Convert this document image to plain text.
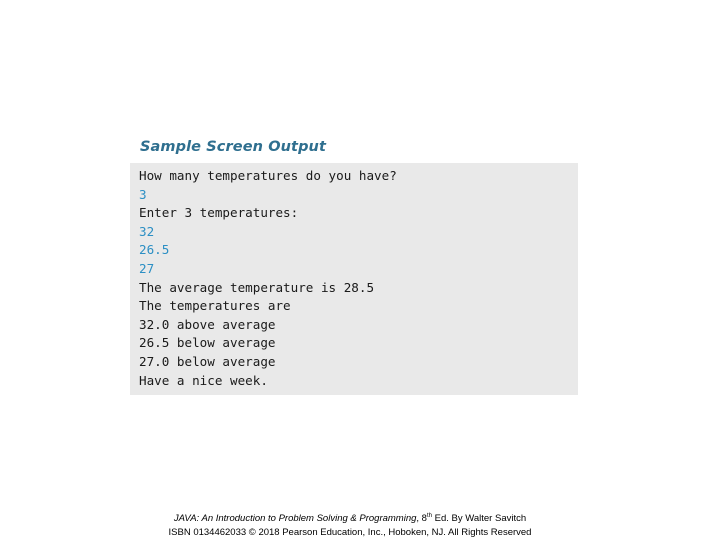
Sample Screen Output
How many temperatures do you have?
3
Enter 3 temperatures:
32
26.5
27
The average temperature is 28.5
The temperatures are
32.0 above average
26.5 below average
27.0 below average
Have a nice week.
JAVA: An Introduction to Problem Solving & Programming, 8th Ed. By Walter Savitch
ISBN 0134462033 © 2018 Pearson Education, Inc., Hoboken, NJ. All Rights Reserved
